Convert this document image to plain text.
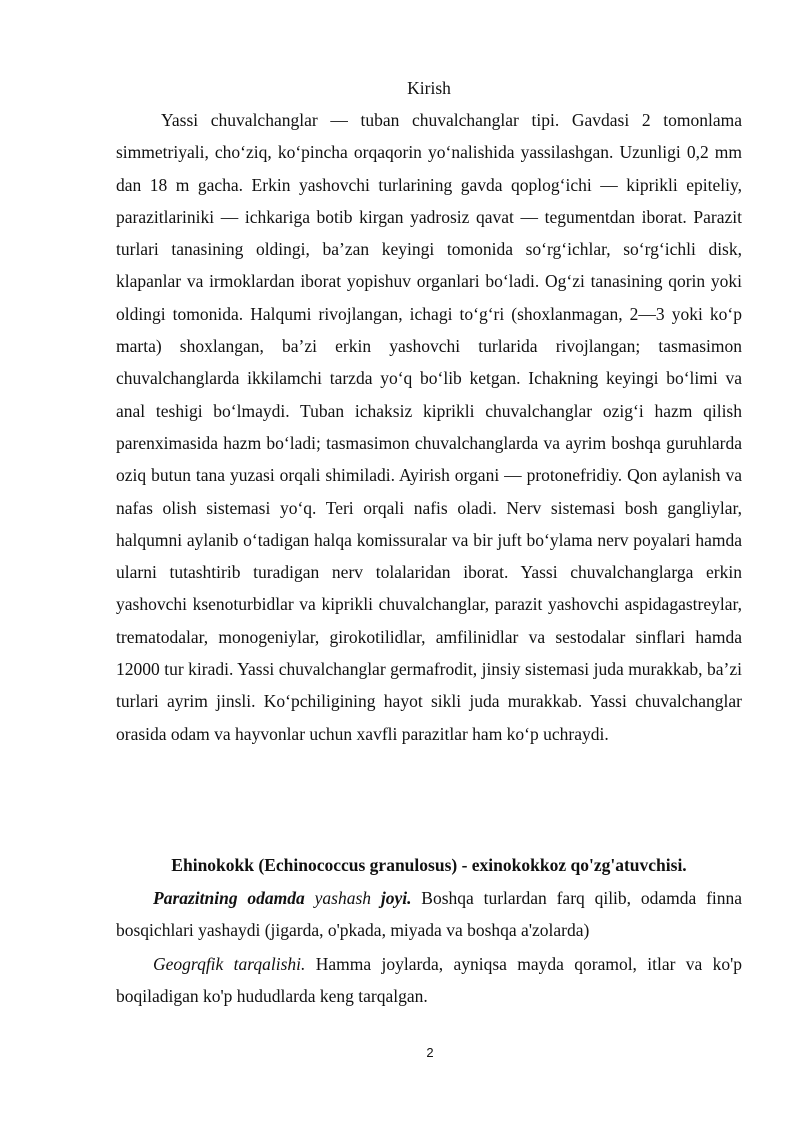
Kirish

Yassi chuvalchanglar — tuban chuvalchanglar tipi. Gavdasi 2 tomonlama simmetriyali, cho‘ziq, ko‘pincha orqaqorin yo‘nalishida yassilashgan. Uzunligi 0,2 mm dan 18 m gacha. Erkin yashovchi turlarining gavda qoplog‘ichi — kiprikli epiteliy, parazitlariniki — ichkariga botib kirgan yadrosiz qavat — tegumentdan iborat. Parazit turlari tanasining oldingi, ba’zan keyingi tomonida so‘rg‘ichlar, so‘rg‘ichli disk, klapanlar va irmoklardan iborat yopishuv organlari bo‘ladi. Og‘zi tanasining qorin yoki oldingi tomonida. Halqumi rivojlangan, ichagi to‘g‘ri (shoxlanmagan, 2—3 yoki ko‘p marta) shoxlangan, ba’zi erkin yashovchi turlarida rivojlangan; tasmasimon chuvalchanglarda ikkilamchi tarzda yo‘q bo‘lib ketgan. Ichakning keyingi bo‘limi va anal teshigi bo‘lmaydi. Tuban ichaksiz kiprikli chuvalchanglar ozig‘i hazm qilish parenximasida hazm bo‘ladi; tasmasimon chuvalchanglarda va ayrim boshqa guruhlarda oziq butun tana yuzasi orqali shimiladi. Ayirish organi — protonefridiy. Qon aylanish va nafas olish sistemasi yo‘q. Teri orqali nafis oladi. Nerv sistemasi bosh gangliylar, halqumni aylanib o‘tadigan halqa komissuralar va bir juft bo‘ylama nerv poyalari hamda ularni tutashtirib turadigan nerv tolalaridan iborat. Yassi chuvalchanglarga erkin yashovchi ksenoturbidlar va kiprikli chuvalchanglar, parazit yashovchi aspidagastreylar, trematodalar, monogeniylar, girokotilidlar, amfilinidlar va sestodalar sinflari hamda 12000 tur kiradi. Yassi chuvalchanglar germafrodit, jinsiy sistemasi juda murakkab, ba’zi turlari ayrim jinsli. Ko‘pchiligining hayot sikli juda murakkab. Yassi chuvalchanglar orasida odam va hayvonlar uchun xavfli parazitlar ham ko‘p uchraydi.

Ehinokokk (Echinococcus granulosus) - exinokokkoz qo'zg'atuvchisi.

Parazitning odamda yashash joyi. Boshqa turlardan farq qilib, odamda finna bosqichlari yashaydi (jigarda, o'pkada, miyada va boshqa a'zolarda)

Geogrqfik tarqalishi. Hamma joylarda, ayniqsa mayda qoramol, itlar va ko'p boqiladigan ko'p hududlarda keng tarqalgan.

2
